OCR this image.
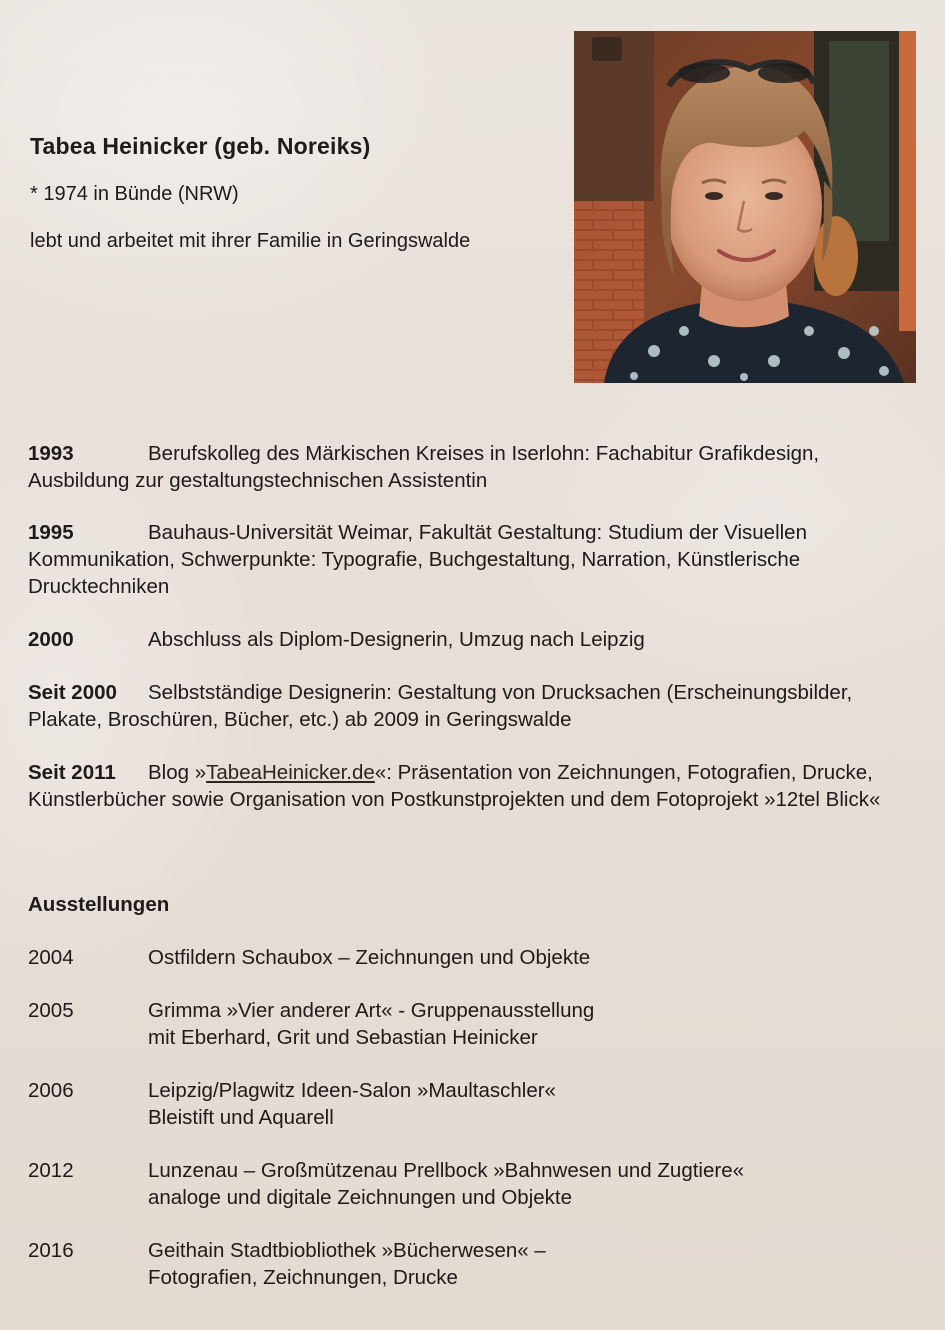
Tabea Heinicker (geb. Noreiks)
* 1974 in Bünde (NRW)
lebt und arbeitet mit ihrer Familie in Geringswalde
1993	Berufskolleg des Märkischen Kreises in Iserlohn: Fachabitur Grafikdesign, Ausbildung zur gestaltungstechnischen Assistentin
1995	Bauhaus-Universität Weimar, Fakultät Gestaltung: Studium der Visuellen Kommunikation, Schwerpunkte: Typografie, Buchgestaltung, Narration, Künstlerische Drucktechniken
2000	Abschluss als Diplom-Designerin, Umzug nach Leipzig
Seit 2000 Selbstständige Designerin: Gestaltung von Drucksachen (Erscheinungsbilder, Plakate, Broschüren, Bücher, etc.) ab 2009 in Geringswalde
Seit 2011 Blog »TabeaHeinicker.de«: Präsentation von Zeichnungen, Fotografien, Drucke, Künstlerbücher sowie Organisation von Postkunstprojekten und dem Fotoprojekt »12tel Blick«
Ausstellungen
2004	Ostfildern Schaubox – Zeichnungen und Objekte
2005	Grimma »Vier anderer Art« - Gruppenausstellung
mit Eberhard, Grit und Sebastian Heinicker
2006	Leipzig/Plagwitz Ideen-Salon »Maultaschler«
Bleistift und Aquarell
2012	Lunzenau – Großmützenau Prellbock »Bahnwesen und Zugtiere«
analoge und digitale Zeichnungen und Objekte
2016	Geithain Stadtbiobliothek »Bücherwesen« –
Fotografien, Zeichnungen, Drucke
